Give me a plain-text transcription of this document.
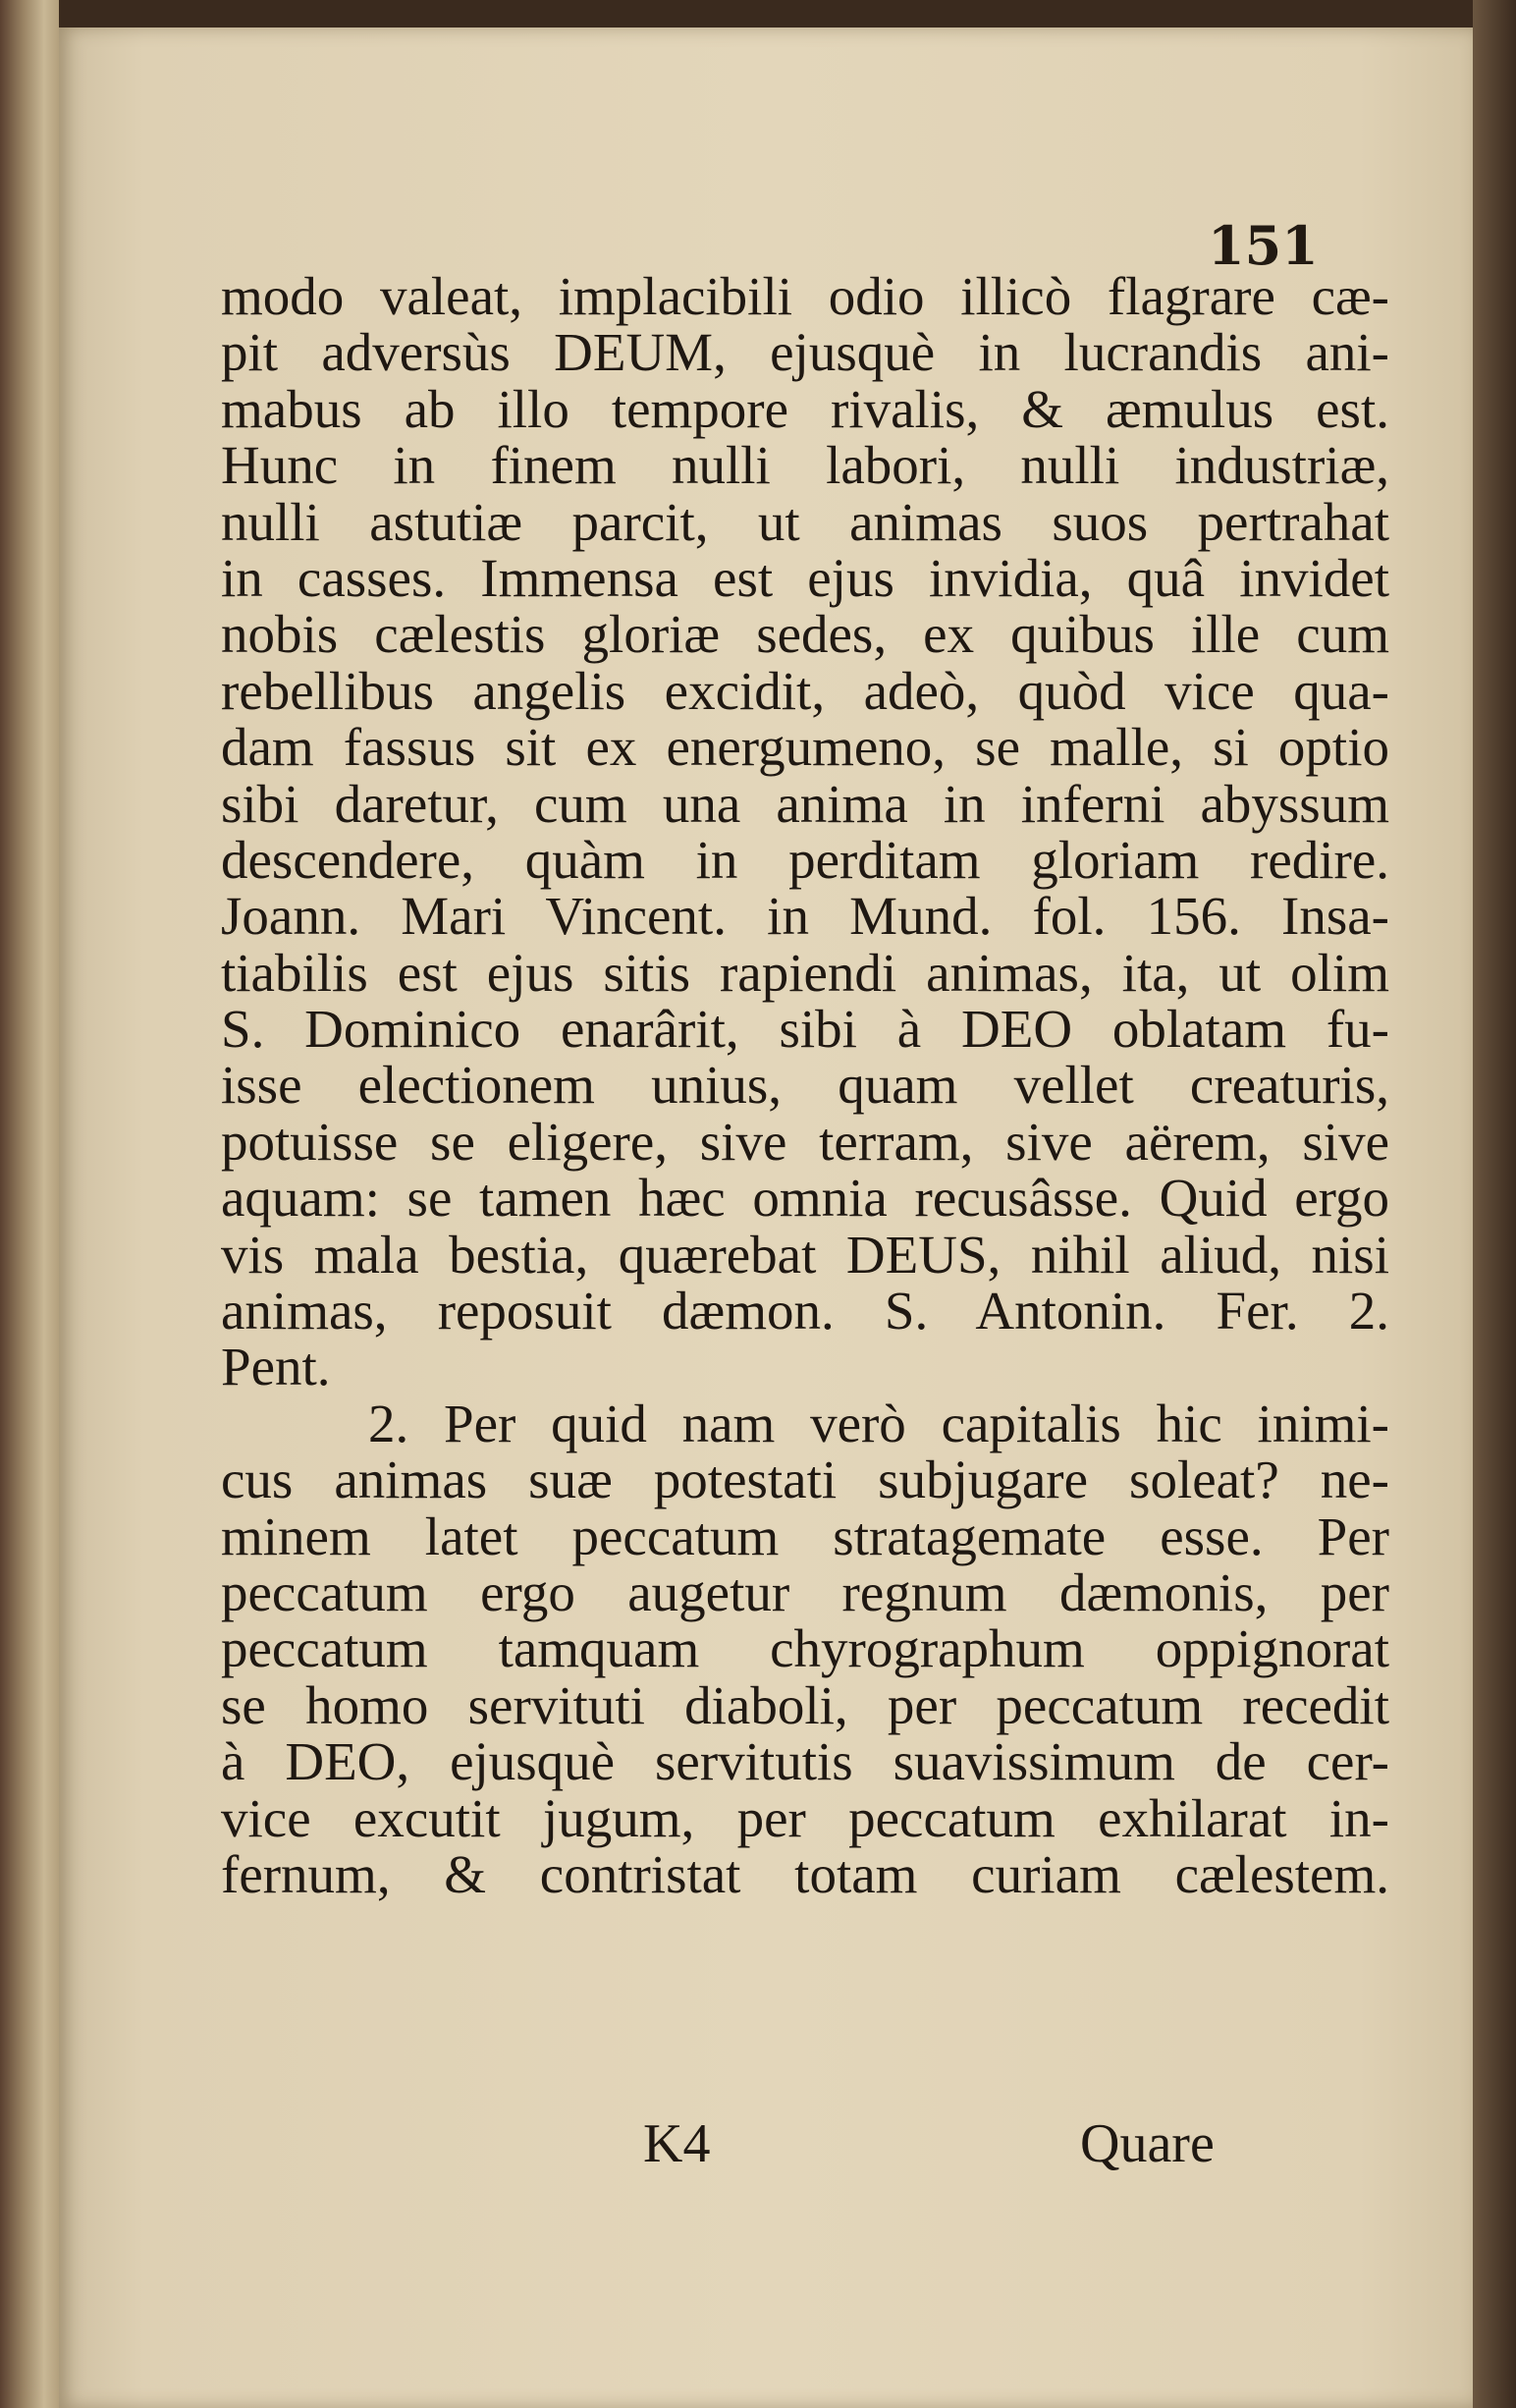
151
modo valeat, implacibili odio illicò flagrare cæ-
pit adversùs DEUM, ejusquè in lucrandis ani-
mabus ab illo tempore rivalis, & æmulus est.
Hunc in finem nulli labori, nulli industriæ,
nulli astutiæ parcit, ut animas suos pertrahat
in casses. Immensa est ejus invidia, quâ invidet
nobis cælestis gloriæ sedes, ex quibus ille cum
rebellibus angelis excidit, adeò, quòd vice qua-
dam fassus sit ex energumeno, se malle, si optio
sibi daretur, cum una anima in inferni abyssum
descendere, quàm in perditam gloriam redire.
Joann. Mari Vincent. in Mund. fol. 156. Insa-
tiabilis est ejus sitis rapiendi animas, ita, ut olim
S. Dominico enarârit, sibi à DEO oblatam fu-
isse electionem unius, quam vellet creaturis,
potuisse se eligere, sive terram, sive aërem, sive
aquam: se tamen hæc omnia recusâsse. Quid ergo
vis mala bestia, quærebat DEUS, nihil aliud, nisi
animas, reposuit dæmon. S. Antonin. Fer. 2.
Pent.
2. Per quid nam verò capitalis hic inimi-
cus animas suæ potestati subjugare soleat? ne-
minem latet peccatum stratagemate esse. Per
peccatum ergo augetur regnum dæmonis, per
peccatum tamquam chyrographum oppignorat
se homo servituti diaboli, per peccatum recedit
à DEO, ejusquè servitutis suavissimum de cer-
vice excutit jugum, per peccatum exhilarat in-
fernum, & contristat totam curiam cælestem.
K4	Quare
